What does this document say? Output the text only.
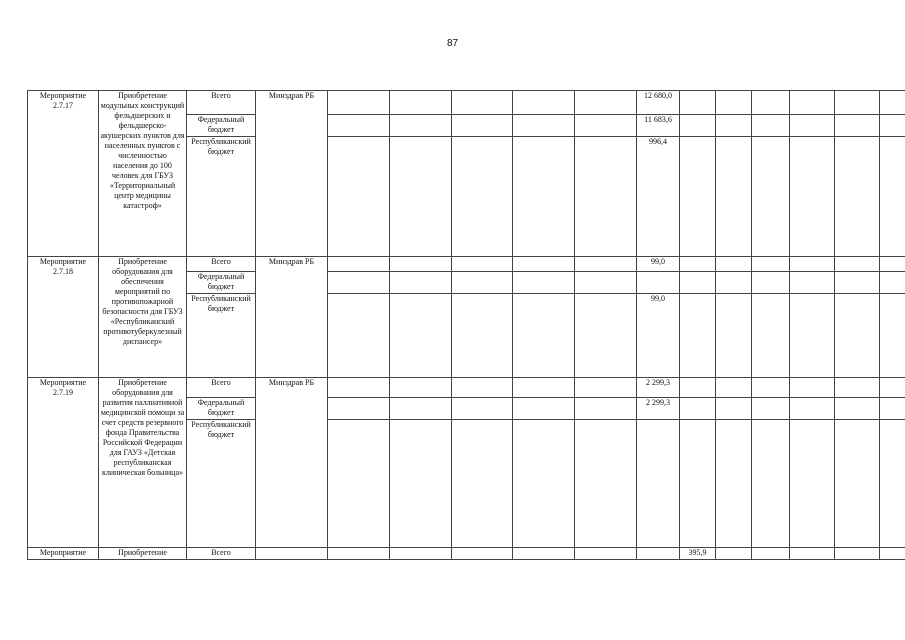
87
Мероприятие 2.7.17	Приобретение модульных конструкций фельдшерских и фельдшерско-акушерских пунктов для населенных пунктов с численностью населения до 100 человек для ГБУЗ «Территориальный центр медицины катастроф»	Всего	Минздрав РБ						12 680,0						
		Федеральный бюджет							11 683,6						
		Республиканский бюджет							996,4						
Мероприятие 2.7.18	Приобретение оборудования для обеспечения мероприятий по противопожарной безопасности для ГБУЗ «Республиканский противотуберкулезный диспансер»	Всего	Минздрав РБ						99,0						
		Федеральный бюджет													
		Республиканский бюджет							99,0						
Мероприятие 2.7.19	Приобретение оборудования для развития паллиативной медицинской помощи за счет средств резервного фонда Правительства Российской Федерации для ГАУЗ «Детская республиканская клиническая больница»	Всего	Минздрав РБ						2 299,3						
		Федеральный бюджет							2 299,3						
		Республиканский бюджет													
Мероприятие	Приобретение	Всего								395,9					
